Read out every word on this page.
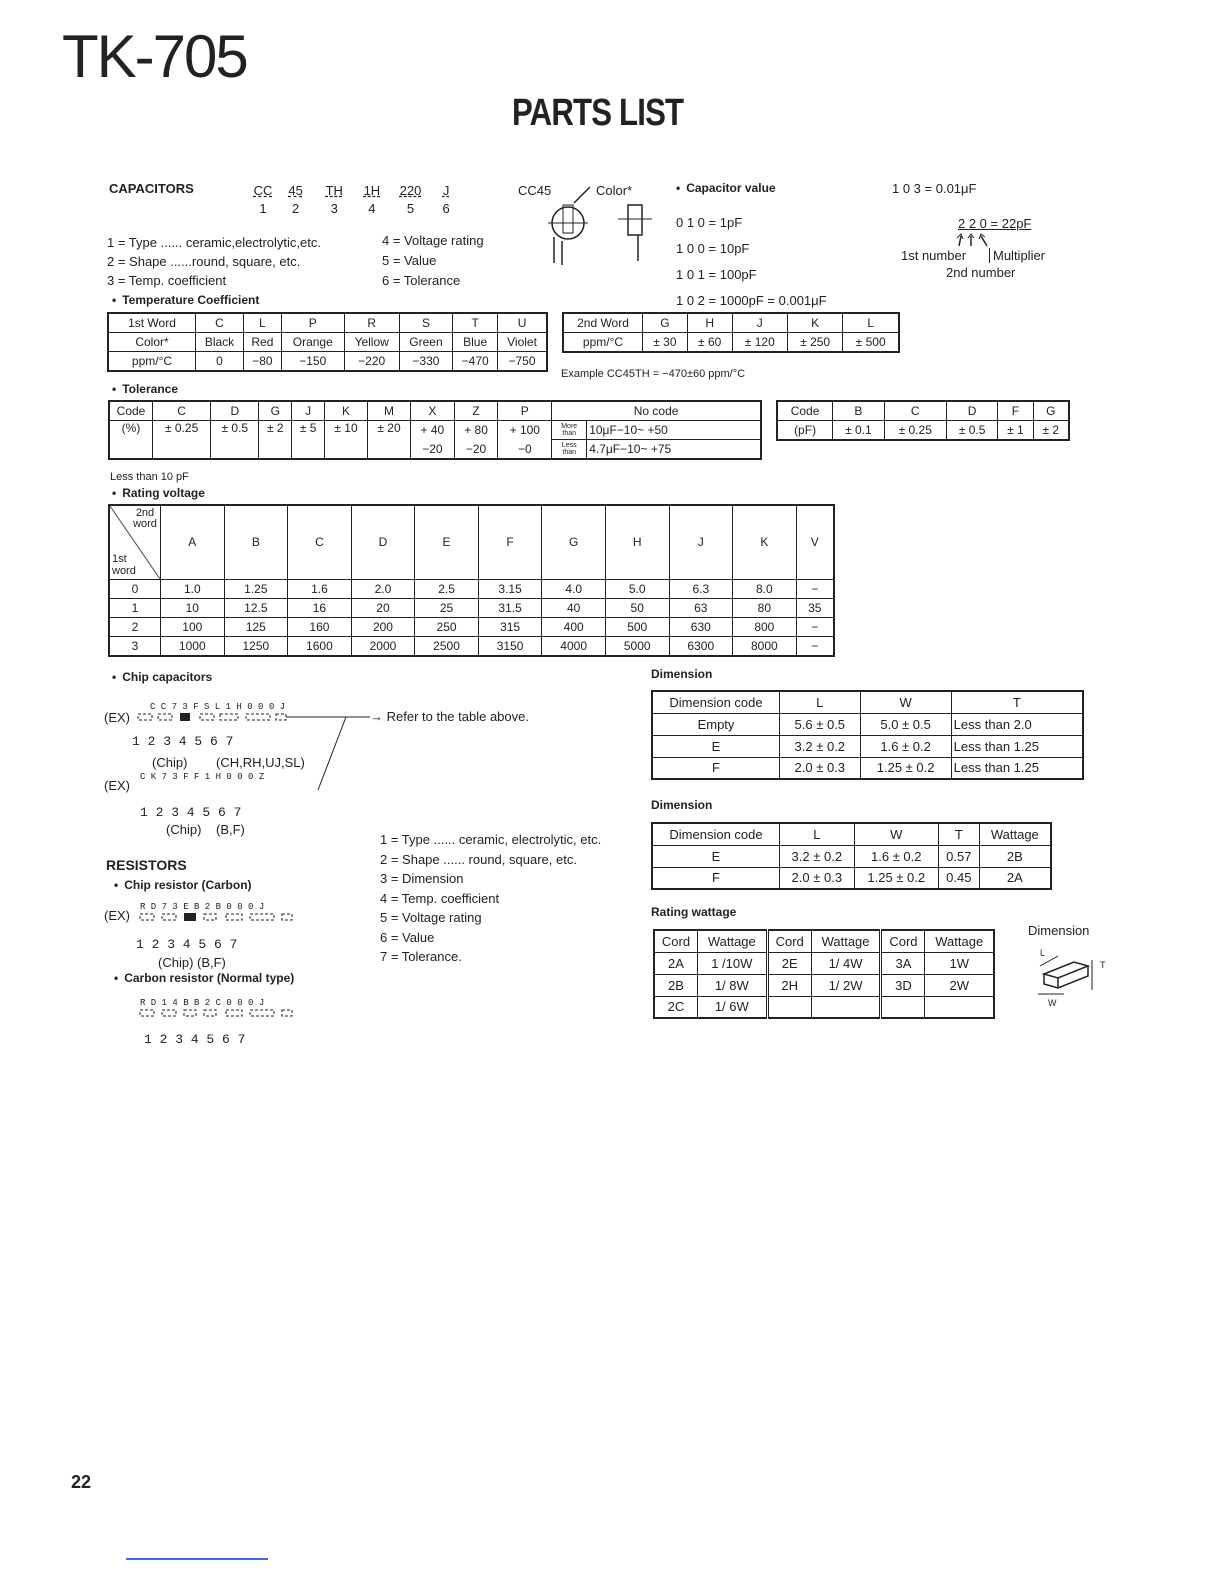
TK-705
PARTS LIST
CAPACITORS	CC 45 TH 1H 220 J
1 2 3 4 5 6
1 = Type ...... ceramic,electrolytic,etc.
2 = Shape ......round, square, etc.
3 = Temp. coefficient
4 = Voltage rating
5 = Value
6 = Tolerance
CC45	Color*	• Capacitor value
0 1 0 = 1pF
1 0 0 = 10pF
1 0 1 = 100pF
1 0 2 = 1000pF = 0.001μF
1 0 3 = 0.01μF
2 2 0 = 22pF
1st number	Multiplier
2nd number
• Temperature Coefficient
1st Word	C	L	P	R	S	T	U
Color*	Black	Red	Orange	Yellow	Green	Blue	Violet
ppm/°C	0	−80	−150	−220	−330	−470	−750
2nd Word	G	H	J	K	L
ppm/°C	± 30	± 60	± 120	± 250	± 500
Example CC45TH = −470±60 ppm/°C
• Tolerance
Code	C	D	G	J	K	M	X	Z	P	No code	
(%)	± 0.25	± 0.5	± 2	± 5	± 10	± 20	+ 40	+ 80	+ 100	More than	10μF−10~ +50
							−20	−20	−0	Less than	4.7μF−10~ +75
Code	B	C	D	F	G
(pF)	± 0.1	± 0.25	± 0.5	± 1	± 2
Less than 10 pF
• Rating voltage
2nd word
1st word	A	B	C	D	E	F	G	H	J	K	V
0	1.0	1.25	1.6	2.0	2.5	3.15	4.0	5.0	6.3	8.0	−
1	10	12.5	16	20	25	31.5	40	50	63	80	35
2	100	125	160	200	250	315	400	500	630	800	−
3	1000	1250	1600	2000	2500	3150	4000	5000	6300	8000	−
• Chip capacitors
C C 7 3 F S L 1 H 0 0 0 J
(EX)	→ Refer to the table above.
1 2 3 4 5 6 7
(Chip) (CH,RH,UJ,SL)
C K 7 3 F F 1 H 0 0 0 Z
(EX)
1 2 3 4 5 6 7
(Chip) (B,F)
Dimension
Dimension code	L	W	T
Empty	5.6 ± 0.5	5.0 ± 0.5	Less than 2.0
E	3.2 ± 0.2	1.6 ± 0.2	Less than 1.25
F	2.0 ± 0.3	1.25 ± 0.2	Less than 1.25
RESISTORS
• Chip resistor (Carbon)
(EX)
R D 7 3 E B 2 B 0 0 0 J
1 2 3 4 5 6 7
(Chip) (B,F)
• Carbon resistor (Normal type)
R D 1 4 B B 2 C 0 0 0 J
1 2 3 4 5 6 7
1 = Type ...... ceramic, electrolytic, etc.
2 = Shape ...... round, square, etc.
3 = Dimension
4 = Temp. coefficient
5 = Voltage rating
6 = Value
7 = Tolerance.
Dimension
Dimension code	L	W	T	Wattage
E	3.2 ± 0.2	1.6 ± 0.2	0.57	2B
F	2.0 ± 0.3	1.25 ± 0.2	0.45	2A
Rating wattage
Cord	Wattage	Cord	Wattage	Cord	Wattage
2A	1 /10W	2E	1/ 4W	3A	1W
2B	1/ 8W	2H	1/ 2W	3D	2W
2C	1/ 6W				
Dimension
L
T
W
22
